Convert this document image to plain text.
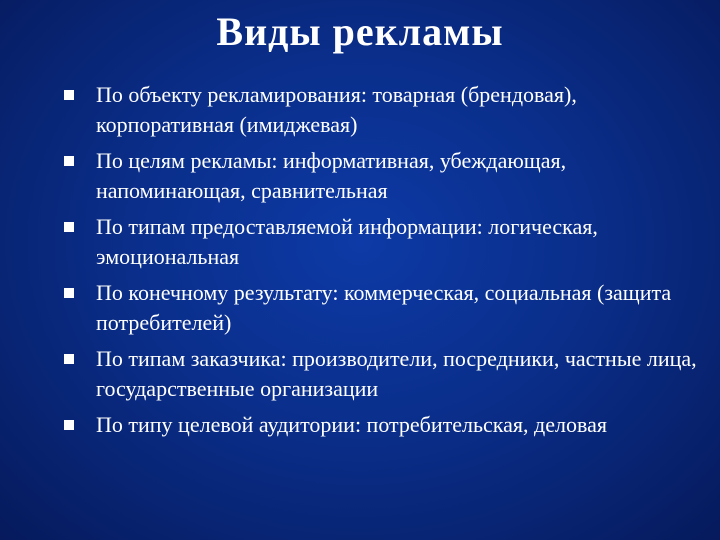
Виды рекламы
По объекту рекламирования: товарная (брендовая), корпоративная (имиджевая)
По целям рекламы: информативная, убеждающая, напоминающая, сравнительная
По типам предоставляемой информации: логическая, эмоциональная
По конечному результату: коммерческая, социальная (защита потребителей)
По типам заказчика: производители, посредники, частные лица, государственные организации
По типу целевой аудитории: потребительская, деловая
